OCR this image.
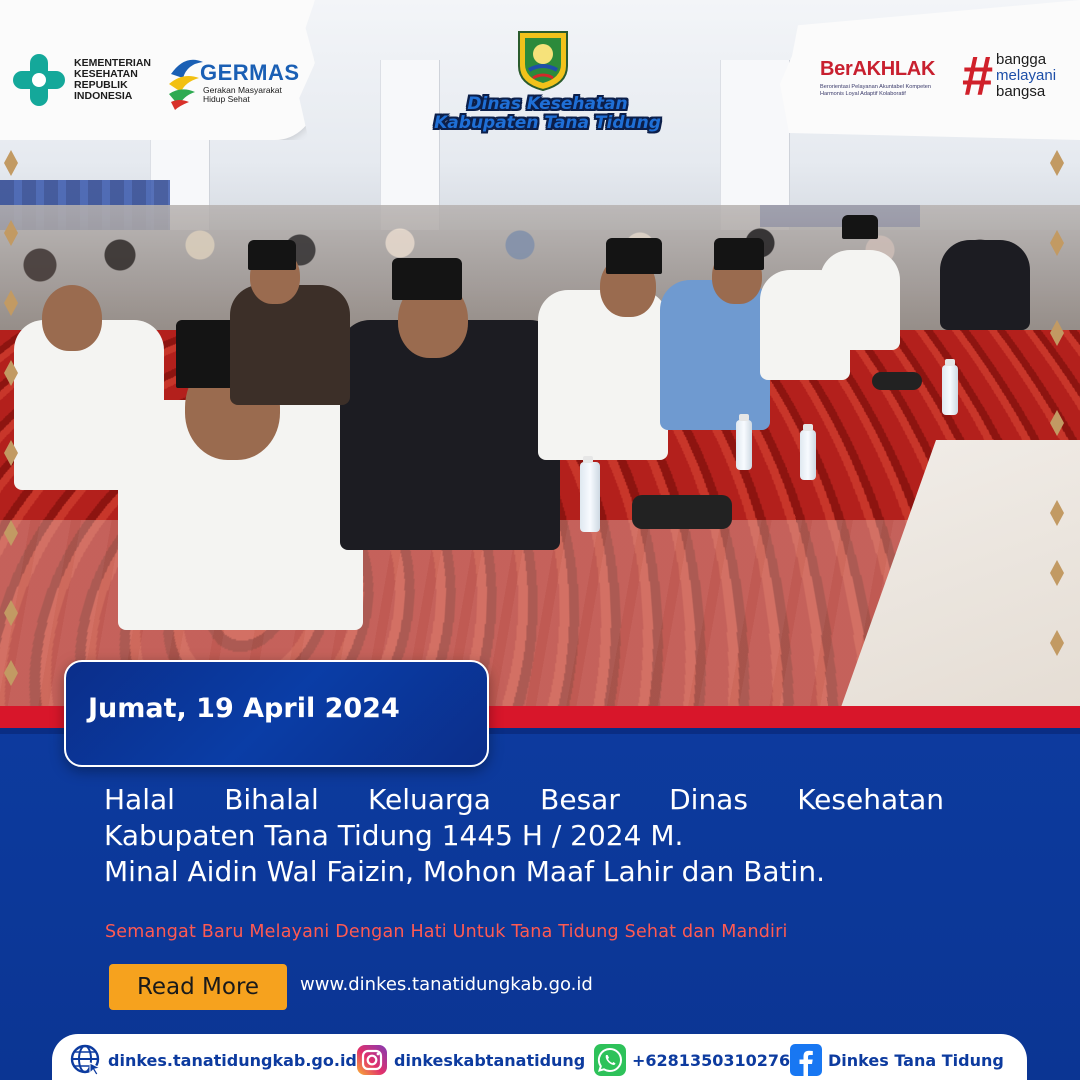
KEMENTERIAN KESEHATAN REPUBLIK INDONESIA
GERMAS
Gerakan Masyarakat Hidup Sehat	Dinas Kesehatan
Kabupaten Tana Tidung
BerAKHLAK
Berorientasi Pelayanan Akuntabel Kompeten
Harmonis Loyal Adaptif Kolaboratif	# bangga
melayani
bangsa
Jumat, 19 April 2024
Halal Bihalal Keluarga Besar Dinas Kesehatan
Kabupaten Tana Tidung 1445 H / 2024 M.
Minal Aidin Wal Faizin, Mohon Maaf Lahir dan Batin.
Semangat Baru Melayani Dengan Hati Untuk Tana Tidung Sehat dan Mandiri
Read More	www.dinkes.tanatidungkab.go.id
dinkes.tanatidungkab.go.id dinkeskabtanatidung	+6281350310276 Dinkes Tana Tidung
